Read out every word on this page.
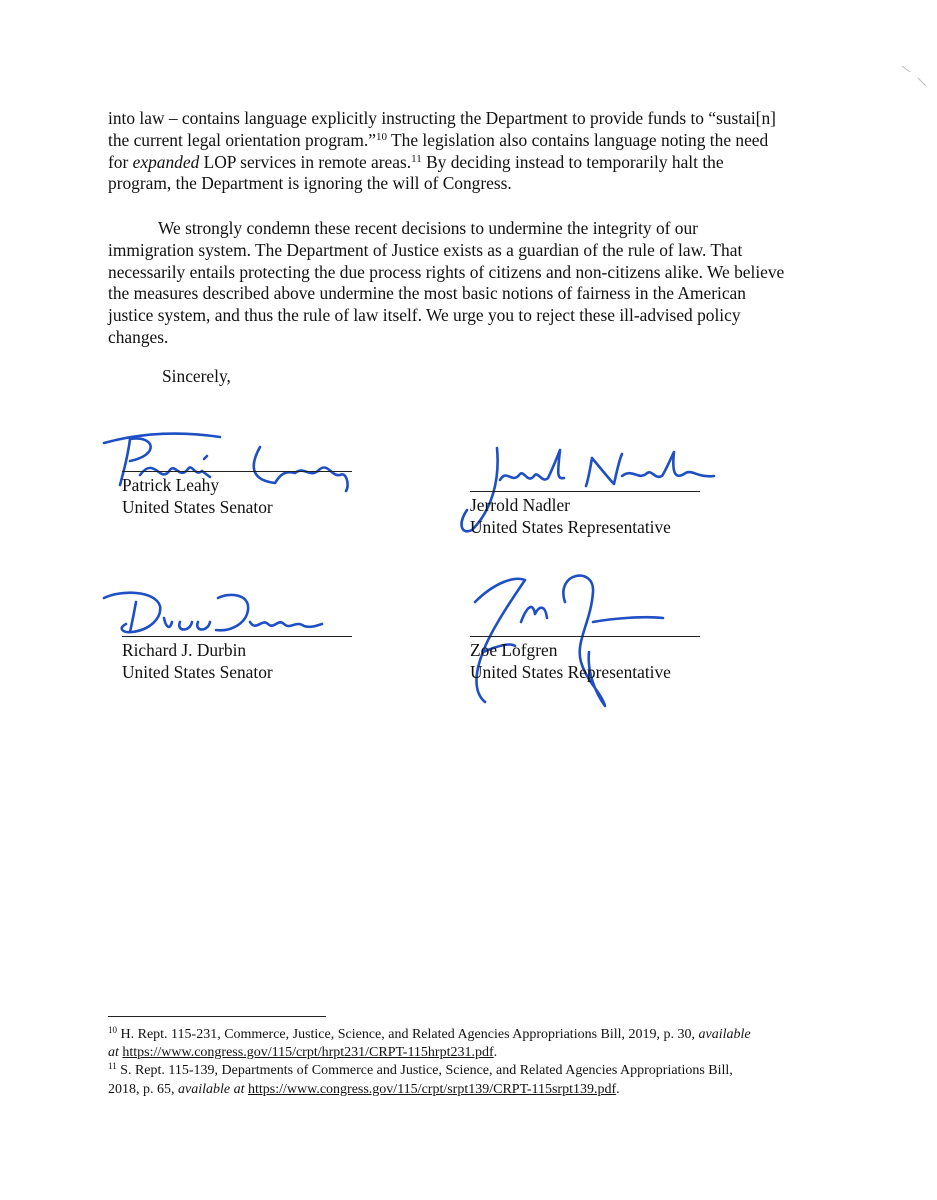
into law – contains language explicitly instructing the Department to provide funds to “sustai[n]
the current legal orientation program.”$^{10}$ The legislation also contains language noting the need
for expanded LOP services in remote areas.$^{11}$ By deciding instead to temporarily halt the
program, the Department is ignoring the will of Congress.
We strongly condemn these recent decisions to undermine the integrity of our
immigration system. The Department of Justice exists as a guardian of the rule of law. That
necessarily entails protecting the due process rights of citizens and non-citizens alike. We believe
the measures described above undermine the most basic notions of fairness in the American
justice system, and thus the rule of law itself. We urge you to reject these ill-advised policy
changes.
Sincerely,
Patrick Leahy
United States Senator	Jerrold Nadler
United States Representative
Richard J. Durbin
United States Senator
Zoe Lofgren
United States Representative
$^{10}$ H. Rept. 115-231, Commerce, Justice, Science, and Related Agencies Appropriations Bill, 2019, p. 30, available
at https://www.congress.gov/115/crpt/hrpt231/CRPT-115hrpt231.pdf.
$^{11}$ S. Rept. 115-139, Departments of Commerce and Justice, Science, and Related Agencies Appropriations Bill,
2018, p. 65, available at https://www.congress.gov/115/crpt/srpt139/CRPT-115srpt139.pdf.
